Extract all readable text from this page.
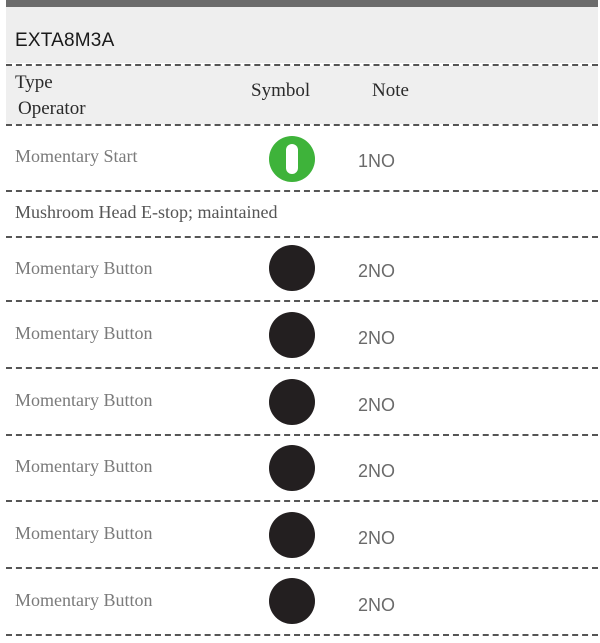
EXTA8M3A
Type
Operator
Symbol	Note
Momentary Start	1NO
Mushroom Head E-stop; maintained
Momentary Button	2NO
Momentary Button	2NO
Momentary Button	2NO
Momentary Button	2NO
Momentary Button	2NO
Momentary Button	2NO
